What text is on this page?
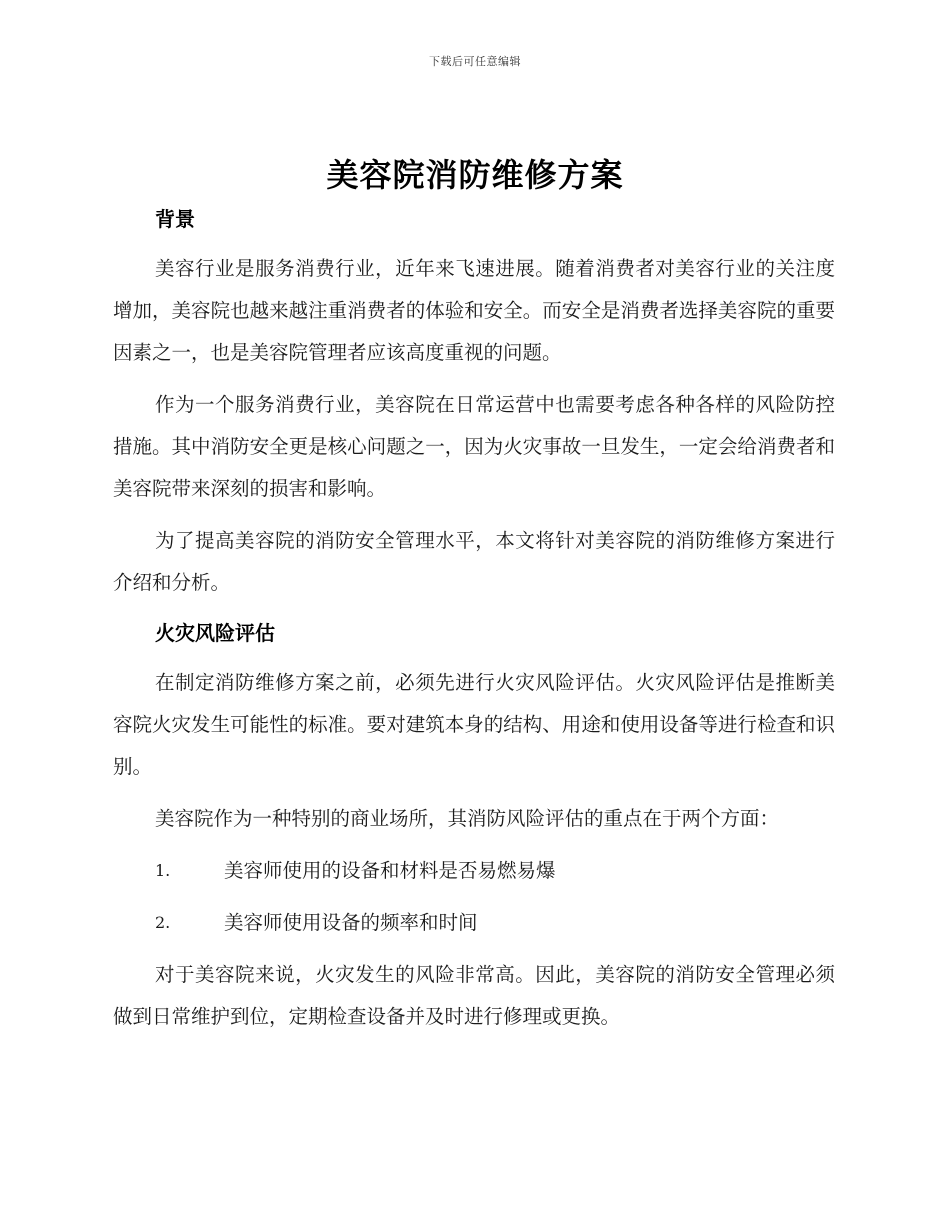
下载后可任意编辑
美容院消防维修方案
背景

美容行业是服务消费行业，近年来飞速进展。随着消费者对美容行业的关注度增加，美容院也越来越注重消费者的体验和安全。而安全是消费者选择美容院的重要因素之一，也是美容院管理者应该高度重视的问题。

作为一个服务消费行业，美容院在日常运营中也需要考虑各种各样的风险防控措施。其中消防安全更是核心问题之一，因为火灾事故一旦发生，一定会给消费者和美容院带来深刻的损害和影响。

为了提高美容院的消防安全管理水平，本文将针对美容院的消防维修方案进行介绍和分析。

火灾风险评估

在制定消防维修方案之前，必须先进行火灾风险评估。火灾风险评估是推断美容院火灾发生可能性的标准。要对建筑本身的结构、用途和使用设备等进行检查和识别。

美容院作为一种特别的商业场所，其消防风险评估的重点在于两个方面：

1.	美容师使用的设备和材料是否易燃易爆
2.	美容师使用设备的频率和时间

对于美容院来说，火灾发生的风险非常高。因此，美容院的消防安全管理必须做到日常维护到位，定期检查设备并及时进行修理或更换。
